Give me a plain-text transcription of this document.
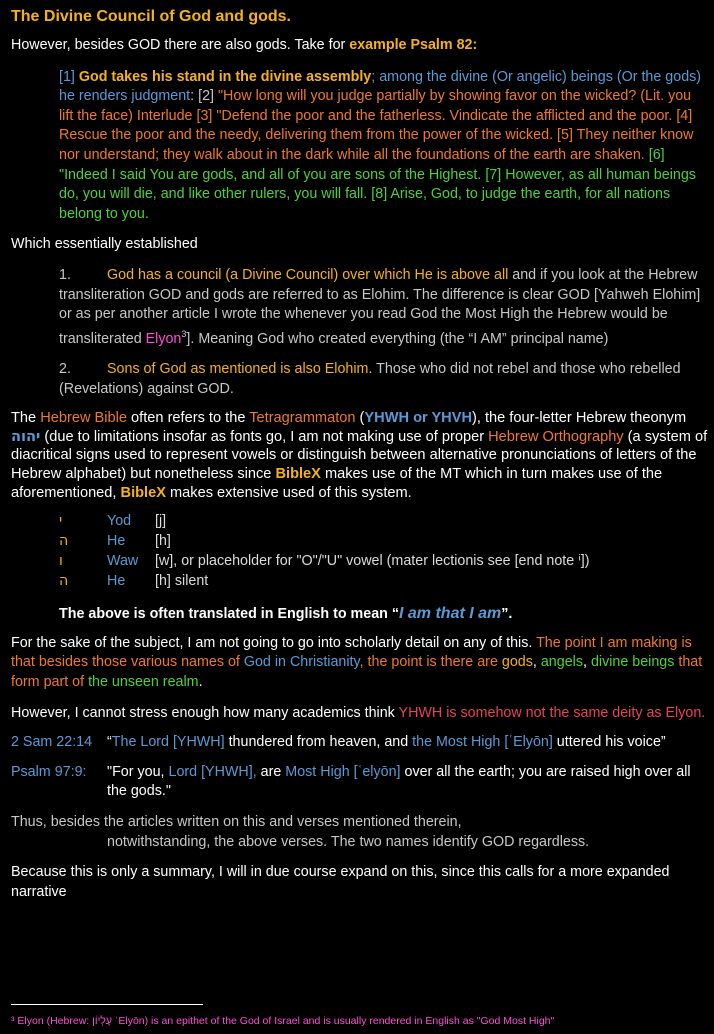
The Divine Council of God and gods.

However, besides GOD there are also gods. Take for example Psalm 82:

[1] God takes his stand in the divine assembly; among the divine (Or angelic) beings (Or the gods) he renders judgment: [2] "How long will you judge partially by showing favor on the wicked? (Lit. you lift the face) Interlude [3] "Defend the poor and the fatherless. Vindicate the afflicted and the poor. [4] Rescue the poor and the needy, delivering them from the power of the wicked. [5] They neither know nor understand; they walk about in the dark while all the foundations of the earth are shaken. [6] "Indeed I said You are gods, and all of you are sons of the Highest. [7] However, as all human beings do, you will die, and like other rulers, you will fall. [8] Arise, God, to judge the earth, for all nations belong to you.

Which essentially established

1.	God has a council (a Divine Council) over which He is above all and if you look at the Hebrew transliteration GOD and gods are referred to as Elohim. The difference is clear GOD [Yahweh Elohim] or as per another article I wrote the whenever you read God the Most High the Hebrew would be transliterated Elyon$^3$]. Meaning God who created everything (the “I AM” principal name)

2.	Sons of God as mentioned is also Elohim. Those who did not rebel and those who rebelled (Revelations) against GOD.

The Hebrew Bible often refers to the Tetragrammaton (YHWH or YHVH), the four-letter Hebrew theonym יהוה (due to limitations insofar as fonts go, I am not making use of proper Hebrew Orthography (a system of diacritical signs used to represent vowels or distinguish between alternative pronunciations of letters of the Hebrew alphabet) but nonetheless since BibleX makes use of the MT which in turn makes use of the aforementioned, BibleX makes extensive used of this system.

י	Yod	[j]
ה	He	[h]
ו	Waw	[w], or placeholder for "O"/"U" vowel (mater lectionis see [end note ⁱ])
ה	He	[h] silent

The above is often translated in English to mean “I am that I am”.

For the sake of the subject, I am not going to go into scholarly detail on any of this. The point I am making is that besides those various names of God in Christianity, the point is there are gods, angels, divine beings that form part of the unseen realm.

However, I cannot stress enough how many academics think YHWH is somehow not the same deity as Elyon.

2 Sam 22:14	“The Lord [YHWH] thundered from heaven, and the Most High [ʿElyōn] uttered his voice”
Psalm 97:9:	"For you, Lord [YHWH], are Most High [ʿelyōn] over all the earth; you are raised high over all the gods."

Thus, besides the articles written on this and verses mentioned therein,
notwithstanding, the above verses. The two names identify GOD regardless.

Because this is only a summary, I will in due course expand on this, since this calls for a more expanded narrative

³ Elyon (Hebrew: עֶלְיוֹן ʿElyōn) is an epithet of the God of Israel and is usually rendered in English as "God Most High"
